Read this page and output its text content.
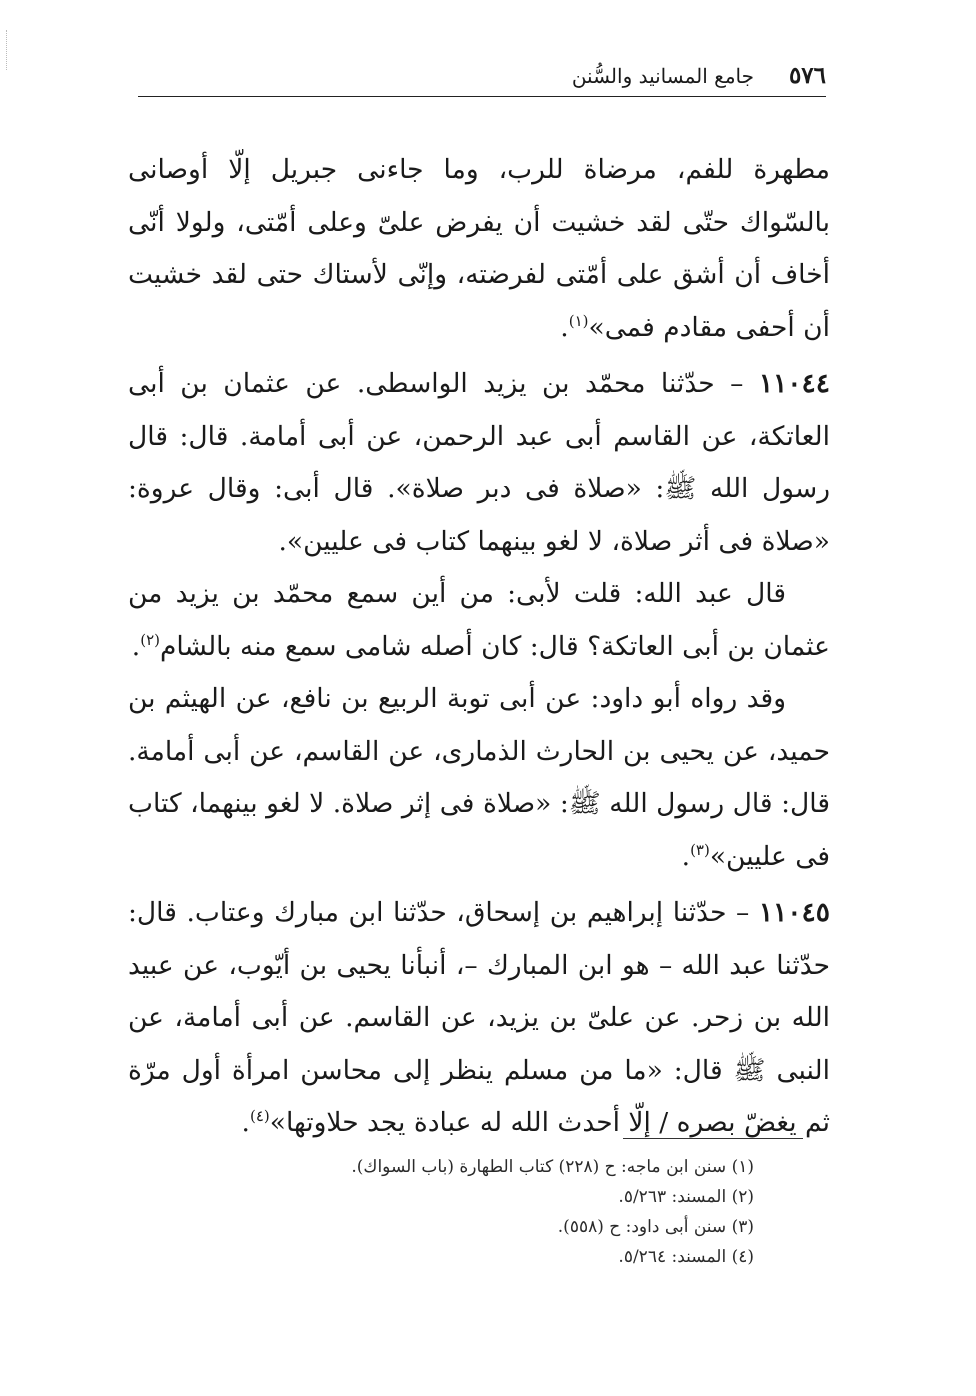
٥٧٦
جامع المسانيد والسُّنن

مطهرة للفم، مرضاة للرب، وما جاءنى جبريل إلّا أوصانى بالسّواك حتّى لقد خشيت أن يفرض علىّ وعلى أمّتى، ولولا أنّى أخاف أن أشق على أمّتى لفرضته، وإنّى لأستاك حتى لقد خشيت أن أحفى مقادم فمى»$^{(١)}$.

١١٠٤٤ – حدّثنا محمّد بن يزيد الواسطى. عن عثمان بن أبى العاتكة، عن القاسم أبى عبد الرحمن، عن أبى أمامة. قال: قال رسول الله ﷺ: «صلاة فى دبر صلاة». قال أبى: وقال عروة: «صلاة فى أثر صلاة، لا لغو بينهما كتاب فى عليين».

قال عبد الله: قلت لأبى: من أين سمع محمّد بن يزيد من عثمان بن أبى العاتكة؟ قال: كان أصله شامى سمع منه بالشام$^{(٢)}$.

وقد رواه أبو داود: عن أبى توبة الربيع بن نافع، عن الهيثم بن حميد، عن يحيى بن الحارث الذمارى، عن القاسم، عن أبى أمامة. قال: قال رسول الله ﷺ: «صلاة فى إثر صلاة. لا لغو بينهما، كتاب فى عليين»$^{(٣)}$.

١١٠٤٥ – حدّثنا إبراهيم بن إسحاق، حدّثنا ابن مبارك وعتاب. قال: حدّثنا عبد الله – هو ابن المبارك –، أنبأنا يحيى بن أيّوب، عن عبيد الله بن زحر. عن علىّ بن يزيد، عن القاسم. عن أبى أمامة، عن النبى ﷺ قال: «ما من مسلم ينظر إلى محاسن امرأة أول مرّة ثم يغضّ بصره / إلّا أحدث الله له عبادة يجد حلاوتها»$^{(٤)}$.

(١) سنن ابن ماجه: ح (٢٢٨) كتاب الطهارة (باب السواك).
(٢) المسند: ٥/٢٦٣.
(٣) سنن أبى داود: ح (٥٥٨).
(٤) المسند: ٥/٢٦٤.
